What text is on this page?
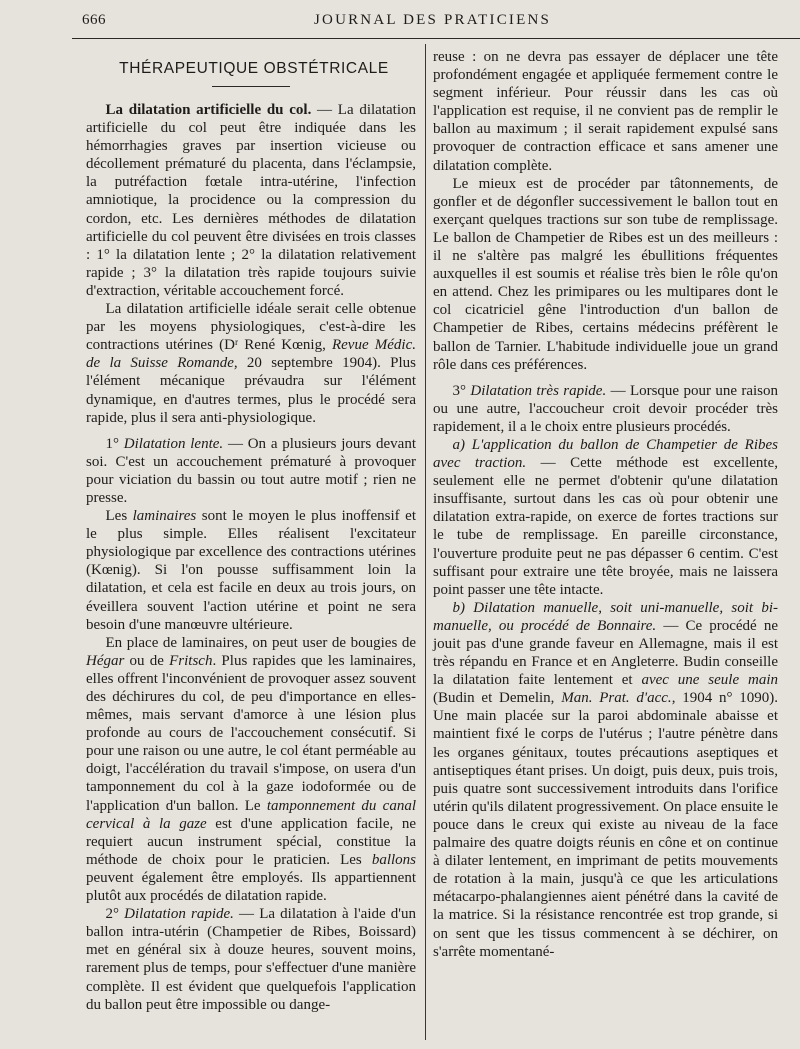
666	JOURNAL DES PRATICIENS
THÉRAPEUTIQUE OBSTÉTRICALE

La dilatation artificielle du col. — La dilatation artificielle du col peut être indiquée dans les hémorrhagies graves par insertion vicieuse ou décollement prématuré du placenta, dans l'éclampsie, la putréfaction fœtale intra-utérine, l'infection amniotique, la procidence ou la compression du cordon, etc. Les dernières méthodes de dilatation artificielle du col peuvent être divisées en trois classes : 1° la dilatation lente ; 2° la dilatation relativement rapide ; 3° la dilatation très rapide toujours suivie d'extraction, véritable accouchement forcé.

La dilatation artificielle idéale serait celle obtenue par les moyens physiologiques, c'est-à-dire les contractions utérines (Dʳ René Kœnig, Revue Médic. de la Suisse Romande, 20 septembre 1904). Plus l'élément mécanique prévaudra sur l'élément dynamique, en d'autres termes, plus le procédé sera rapide, plus il sera anti-physiologique.

1° Dilatation lente. — On a plusieurs jours devant soi. C'est un accouchement prématuré à provoquer pour viciation du bassin ou tout autre motif ; rien ne presse.

Les laminaires sont le moyen le plus inoffensif et le plus simple. Elles réalisent l'excitateur physiologique par excellence des contractions utérines (Kœnig). Si l'on pousse suffisamment loin la dilatation, et cela est facile en deux au trois jours, on éveillera souvent l'action utérine et point ne sera besoin d'une manœuvre ultérieure.

En place de laminaires, on peut user de bougies de Hégar ou de Fritsch. Plus rapides que les laminaires, elles offrent l'inconvénient de provoquer assez souvent des déchirures du col, de peu d'importance en elles-mêmes, mais servant d'amorce à une lésion plus profonde au cours de l'accouchement consécutif. Si pour une raison ou une autre, le col étant perméable au doigt, l'accélération du travail s'impose, on usera d'un tamponnement du col à la gaze iodoformée ou de l'application d'un ballon. Le tamponnement du canal cervical à la gaze est d'une application facile, ne requiert aucun instrument spécial, constitue la méthode de choix pour le praticien. Les ballons peuvent également être employés. Ils appartiennent plutôt aux procédés de dilatation rapide.

2° Dilatation rapide. — La dilatation à l'aide d'un ballon intra-utérin (Champetier de Ribes, Boissard) met en général six à douze heures, souvent moins, rarement plus de temps, pour s'effectuer d'une manière complète. Il est évident que quelquefois l'application du ballon peut être impossible ou dange-

reuse : on ne devra pas essayer de déplacer une tête profondément engagée et appliquée fermement contre le segment inférieur. Pour réussir dans les cas où l'application est requise, il ne convient pas de remplir le ballon au maximum ; il serait rapidement expulsé sans provoquer de contraction efficace et sans amener une dilatation complète.

Le mieux est de procéder par tâtonnements, de gonfler et de dégonfler successivement le ballon tout en exerçant quelques tractions sur son tube de remplissage. Le ballon de Champetier de Ribes est un des meilleurs : il ne s'altère pas malgré les ébullitions fréquentes auxquelles il est soumis et réalise très bien le rôle qu'on en attend. Chez les primipares ou les multipares dont le col cicatriciel gêne l'introduction d'un ballon de Champetier de Ribes, certains médecins préfèrent le ballon de Tarnier. L'habitude individuelle joue un grand rôle dans ces préférences.

3° Dilatation très rapide. — Lorsque pour une raison ou une autre, l'accoucheur croit devoir procéder très rapidement, il a le choix entre plusieurs procédés.

a) L'application du ballon de Champetier de Ribes avec traction. — Cette méthode est excellente, seulement elle ne permet d'obtenir qu'une dilatation insuffisante, surtout dans les cas où pour obtenir une dilatation extra-rapide, on exerce de fortes tractions sur le tube de remplissage. En pareille circonstance, l'ouverture produite peut ne pas dépasser 6 centim. C'est suffisant pour extraire une tête broyée, mais ne laissera point passer une tête intacte.

b) Dilatation manuelle, soit uni-manuelle, soit bi-manuelle, ou procédé de Bonnaire. — Ce procédé ne jouit pas d'une grande faveur en Allemagne, mais il est très répandu en France et en Angleterre. Budin conseille la dilatation faite lentement et avec une seule main (Budin et Demelin, Man. Prat. d'acc., 1904 n° 1090). Une main placée sur la paroi abdominale abaisse et maintient fixé le corps de l'utérus ; l'autre pénètre dans les organes génitaux, toutes précautions aseptiques et antiseptiques étant prises. Un doigt, puis deux, puis trois, puis quatre sont successivement introduits dans l'orifice utérin qu'ils dilatent progressivement. On place ensuite le pouce dans le creux qui existe au niveau de la face palmaire des quatre doigts réunis en cône et on continue à dilater lentement, en imprimant de petits mouvements de rotation à la main, jusqu'à ce que les articulations métacarpo-phalangiennes aient pénétré dans la cavité de la matrice. Si la résistance rencontrée est trop grande, si on sent que les tissus commencent à se déchirer, on s'arrête momentané-
